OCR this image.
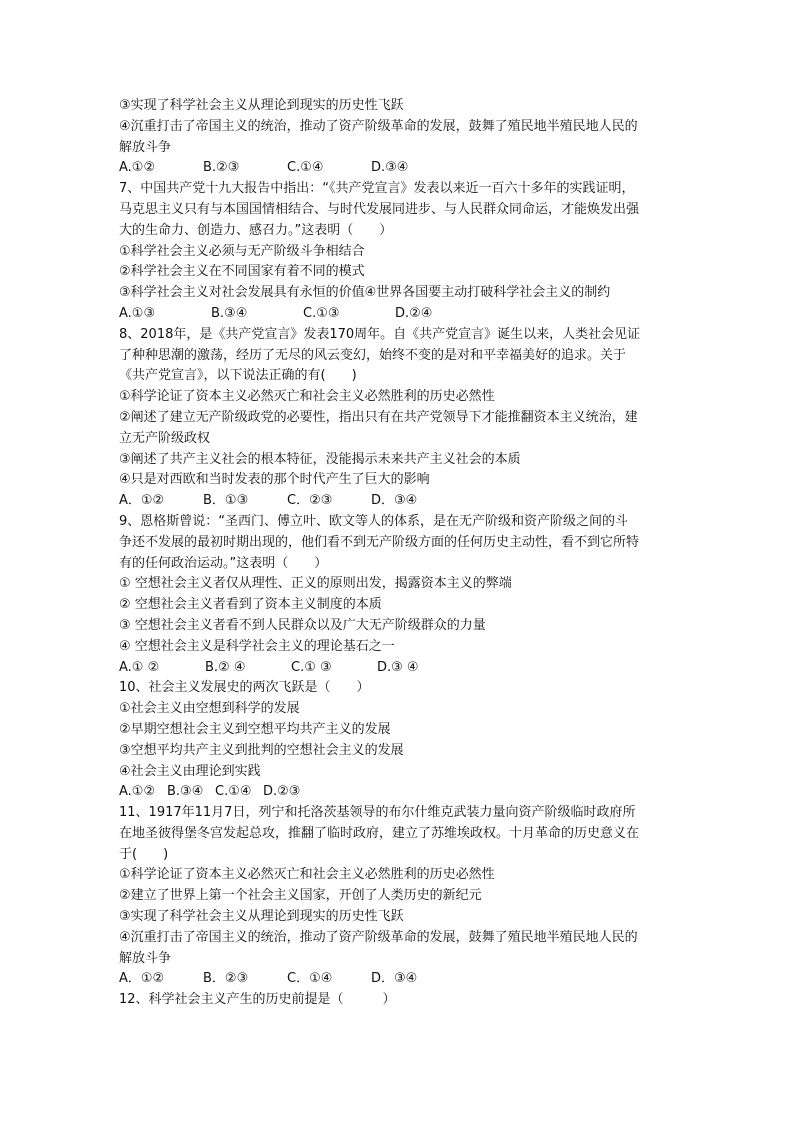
③实现了科学社会主义从理论到现实的历史性飞跃
④沉重打击了帝国主义的统治，推动了资产阶级革命的发展，鼓舞了殖民地半殖民地人民的
解放斗争
A.①②	B.②③	C.①④	D.③④
7、中国共产党十九大报告中指出：“《共产党宣言》发表以来近一百六十多年的实践证明，
马克思主义只有与本国国情相结合、与时代发展同进步、与人民群众同命运，才能焕发出强
大的生命力、创造力、感召力。”这表明（　　）
①科学社会主义必须与无产阶级斗争相结合
②科学社会主义在不同国家有着不同的模式
③科学社会主义对社会发展具有永恒的价值④世界各国要主动打破科学社会主义的制约
A.①③	B.③④	C.①③	D.②④
8、2018年，是《共产党宣言》发表170周年。自《共产党宣言》诞生以来，人类社会见证
了种种思潮的激荡，经历了无尽的风云变幻，始终不变的是对和平幸福美好的追求。关于
《共产党宣言》，以下说法正确的有(　　)
①科学论证了资本主义必然灭亡和社会主义必然胜利的历史必然性
②阐述了建立无产阶级政党的必要性，指出只有在共产党领导下才能推翻资本主义统治，建
立无产阶级政权
③阐述了共产主义社会的根本特征，没能揭示未来共产主义社会的本质
④只是对西欧和当时发表的那个时代产生了巨大的影响
A．①②	B．①③	C．②③	D．③④
9、恩格斯曾说：“圣西门、傅立叶、欧文等人的体系，是在无产阶级和资产阶级之间的斗
争还不发展的最初时期出现的，他们看不到无产阶级方面的任何历史主动性，看不到它所特
有的任何政治运动。”这表明（　　）
① 空想社会主义者仅从理性、正义的原则出发，揭露资本主义的弊端
② 空想社会主义者看到了资本主义制度的本质
③ 空想社会主义者看不到人民群众以及广大无产阶级群众的力量
④ 空想社会主义是科学社会主义的理论基石之一
A.① ②	B.② ④	C.① ③	D.③ ④
10、社会主义发展史的两次飞跃是（　　）
①社会主义由空想到科学的发展
②早期空想社会主义到空想平均共产主义的发展
③空想平均共产主义到批判的空想社会主义的发展
④社会主义由理论到实践
A.①② B.③④ C.①④ D.②③
11、1917年11月7日，列宁和托洛茨基领导的布尔什维克武装力量向资产阶级临时政府所
在地圣彼得堡冬宫发起总攻，推翻了临时政府，建立了苏维埃政权。十月革命的历史意义在
于(　　)
①科学论证了资本主义必然灭亡和社会主义必然胜利的历史必然性
②建立了世界上第一个社会主义国家，开创了人类历史的新纪元
③实现了科学社会主义从理论到现实的历史性飞跃
④沉重打击了帝国主义的统治，推动了资产阶级革命的发展，鼓舞了殖民地半殖民地人民的
解放斗争
A．①②	B．②③	C．①④	D．③④
12、科学社会主义产生的历史前提是（　　　）
